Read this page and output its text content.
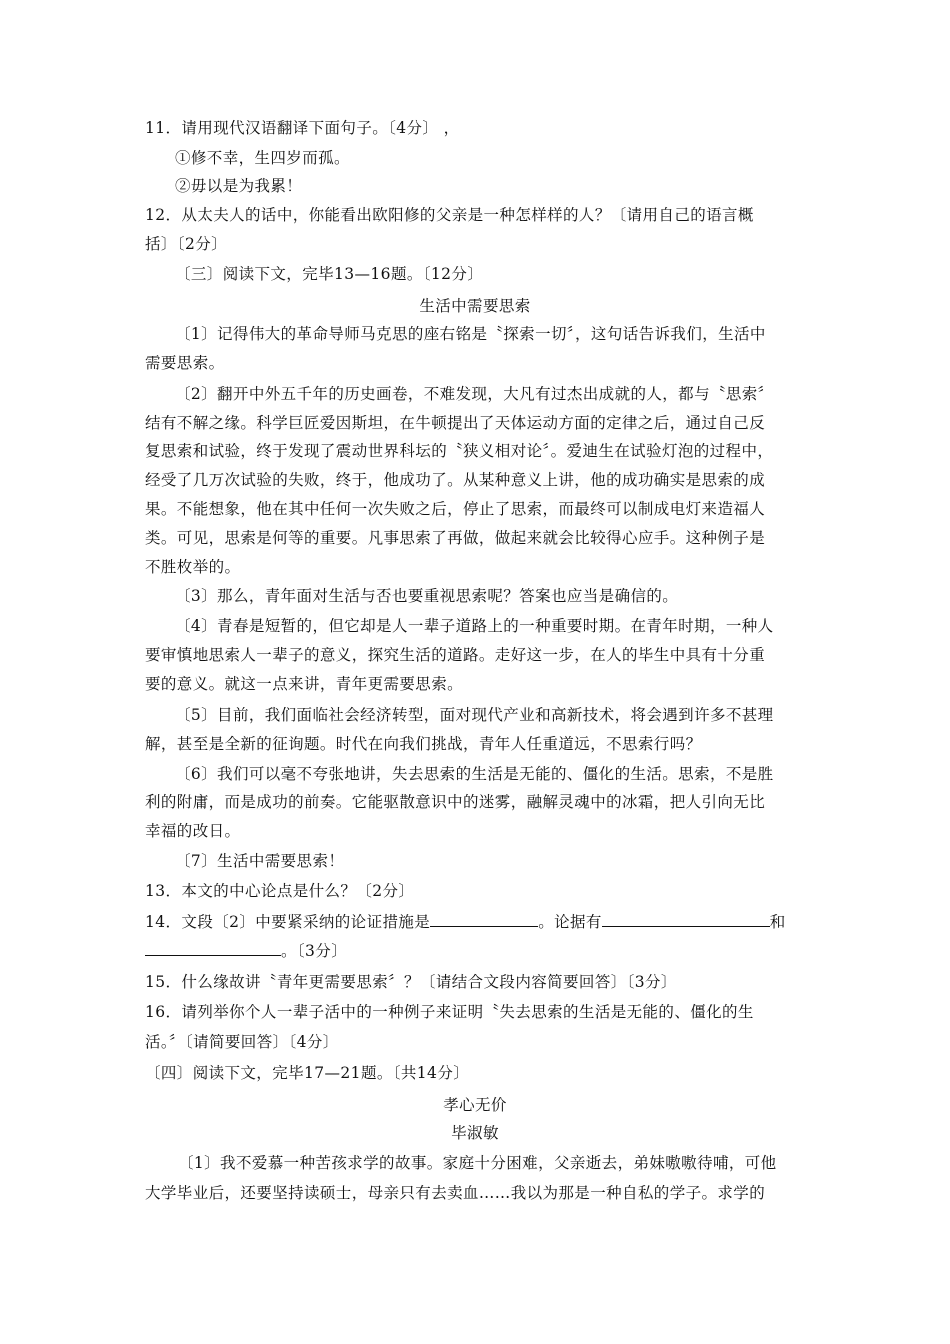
11．请用现代汉语翻译下面句子。〔4分〕 ，
①修不幸，生四岁而孤。
②毋以是为我累！
12．从太夫人的话中，你能看出欧阳修的父亲是一种怎样样的人？〔请用自己的语言概
括〕〔2分〕
〔三〕阅读下文，完毕13—16题。〔12分〕
生活中需要思索
〔1〕记得伟大的革命导师马克思的座右铭是〝探索一切〞，这句话告诉我们，生活中
需要思索。
〔2〕翻开中外五千年的历史画卷，不难发现，大凡有过杰出成就的人，都与〝思索〞
结有不解之缘。科学巨匠爱因斯坦，在牛顿提出了天体运动方面的定律之后，通过自己反
复思索和试验，终于发现了震动世界科坛的〝狭义相对论〞。爱迪生在试验灯泡的过程中，
经受了几万次试验的失败，终于，他成功了。从某种意义上讲，他的成功确实是思索的成
果。不能想象，他在其中任何一次失败之后，停止了思索，而最终可以制成电灯来造福人
类。可见，思索是何等的重要。凡事思索了再做，做起来就会比较得心应手。这种例子是
不胜枚举的。
〔3〕那么，青年面对生活与否也要重视思索呢？答案也应当是确信的。
〔4〕青春是短暂的，但它却是人一辈子道路上的一种重要时期。在青年时期，一种人
要审慎地思索人一辈子的意义，探究生活的道路。走好这一步，在人的毕生中具有十分重
要的意义。就这一点来讲，青年更需要思索。
〔5〕目前，我们面临社会经济转型，面对现代产业和高新技术，将会遇到许多不甚理
解，甚至是全新的征询题。时代在向我们挑战，青年人任重道远，不思索行吗？
〔6〕我们可以毫不夸张地讲，失去思索的生活是无能的、僵化的生活。思索，不是胜
利的附庸，而是成功的前奏。它能驱散意识中的迷雾，融解灵魂中的冰霜，把人引向无比
幸福的改日。
〔7〕生活中需要思索！
13．本文的中心论点是什么？〔2分〕
14．文段〔2〕中要紧采纳的论证措施是	。论据有	和
。〔3分〕
15．什么缘故讲〝青年更需要思索〞？〔请结合文段内容简要回答〕〔3分〕
16．请列举你个人一辈子活中的一种例子来证明〝失去思索的生活是无能的、僵化的生
活。〞〔请简要回答〕〔4分〕
〔四〕阅读下文，完毕17—21题。〔共14分〕
孝心无价
毕淑敏
〔1〕我不爱慕一种苦孩求学的故事。家庭十分困难，父亲逝去，弟妹嗷嗷待哺，可他
大学毕业后，还要坚持读硕士，母亲只有去卖血……我以为那是一种自私的学子。求学的
